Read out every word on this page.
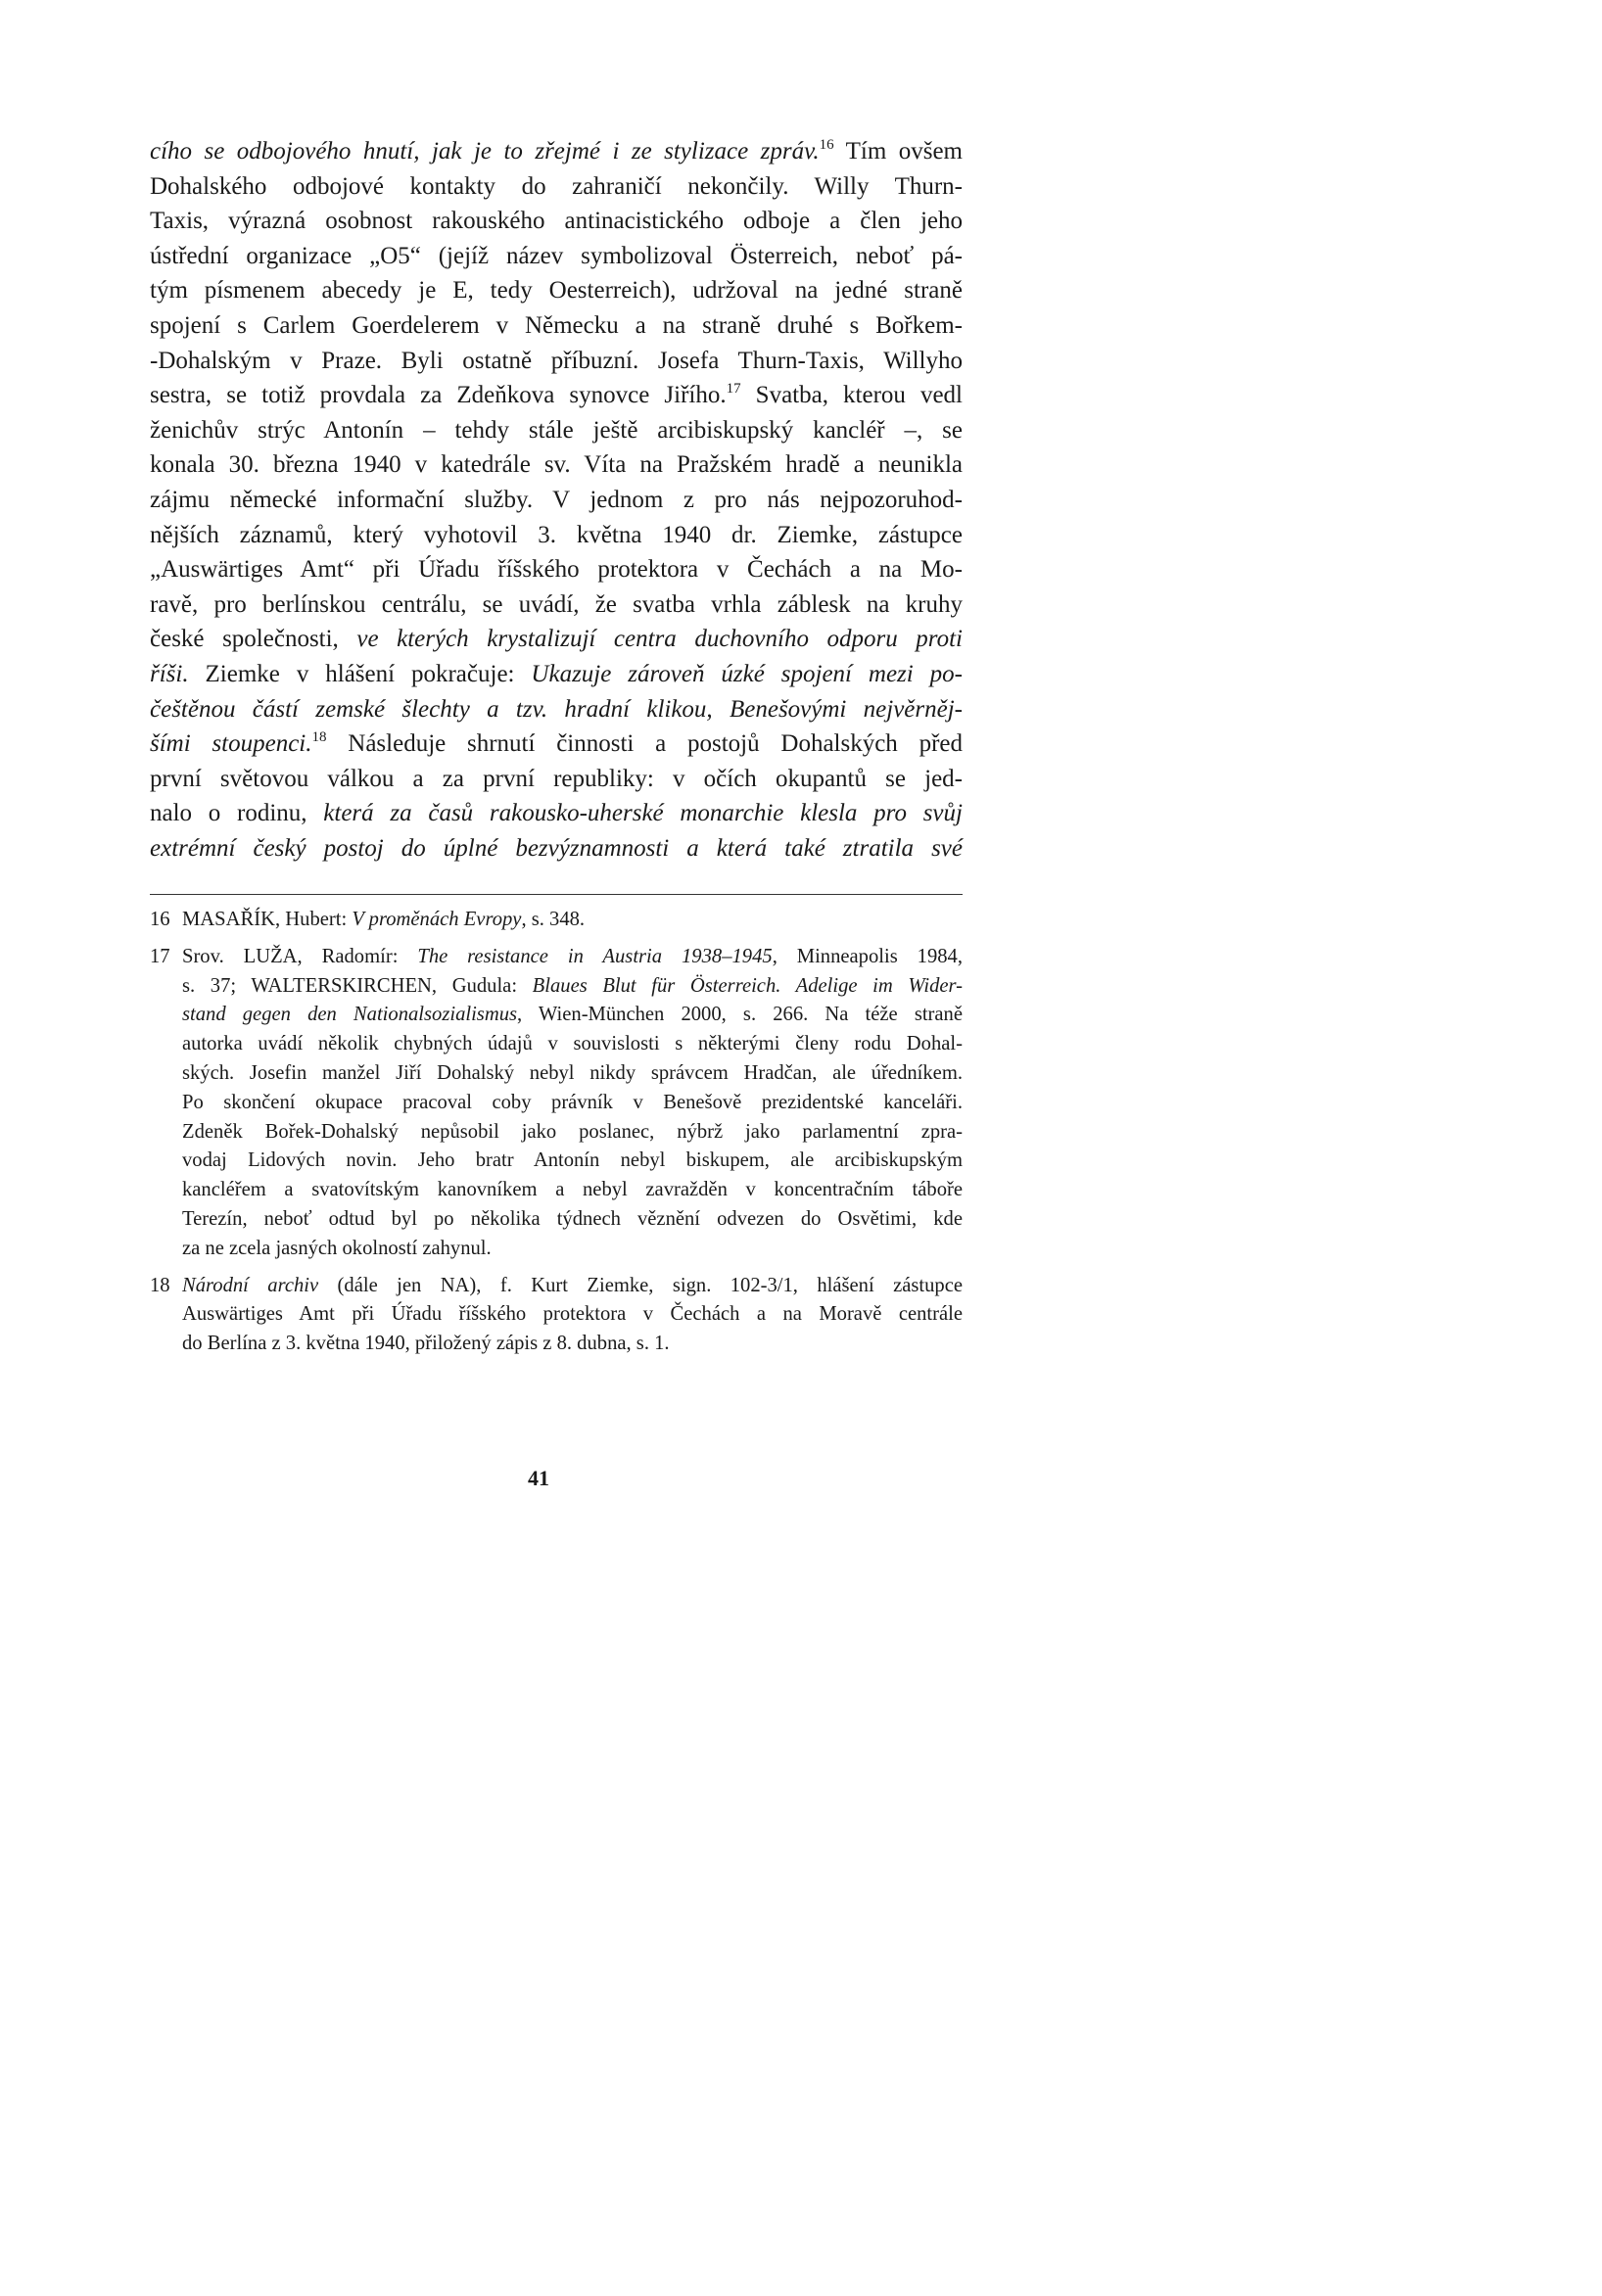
cího se odbojového hnutí, jak je to zřejmé i ze stylizace zpráv.$^{16}$ Tím ovšem
Dohalského odbojové kontakty do zahraničí nekončily. Willy Thurn-
Taxis, výrazná osobnost rakouského antinacistického odboje a člen jeho
ústřední organizace „O5“ (jejíž název symbolizoval Österreich, neboť pá-
tým písmenem abecedy je E, tedy Oesterreich), udržoval na jedné straně
spojení s Carlem Goerdelerem v Německu a na straně druhé s Bořkem-
-Dohalským v Praze. Byli ostatně příbuzní. Josefa Thurn-Taxis, Willyho
sestra, se totiž provdala za Zdeňkova synovce Jiřího.$^{17}$ Svatba, kterou vedl
ženichův strýc Antonín – tehdy stále ještě arcibiskupský kancléř –, se
konala 30. března 1940 v katedrále sv. Víta na Pražském hradě a neunikla
zájmu německé informační služby. V jednom z pro nás nejpozoruhod-
nějších záznamů, který vyhotovil 3. května 1940 dr. Ziemke, zástupce
„Auswärtiges Amt“ při Úřadu říšského protektora v Čechách a na Mo-
ravě, pro berlínskou centrálu, se uvádí, že svatba vrhla záblesk na kruhy
české společnosti, ve kterých krystalizují centra duchovního odporu proti
říši. Ziemke v hlášení pokračuje: Ukazuje zároveň úzké spojení mezi po-
češtěnou částí zemské šlechty a tzv. hradní klikou, Benešovými nejvěrněj-
šími stoupenci.$^{18}$ Následuje shrnutí činnosti a postojů Dohalských před
první světovou válkou a za první republiky: v očích okupantů se jed-
nalo o rodinu, která za časů rakousko-uherské monarchie klesla pro svůj
extrémní český postoj do úplné bezvýznamnosti a která také ztratila své
16 MASAŘÍK, Hubert: V proměnách Evropy, s. 348.
17 Srov. LUŽA, Radomír: The resistance in Austria 1938–1945, Minneapolis 1984,
s. 37; WALTERSKIRCHEN, Gudula: Blaues Blut für Österreich. Adelige im Wider-
stand gegen den Nationalsozialismus, Wien-München 2000, s. 266. Na téže straně
autorka uvádí několik chybných údajů v souvislosti s některými členy rodu Dohal-
ských. Josefin manžel Jiří Dohalský nebyl nikdy správcem Hradčan, ale úředníkem.
Po skončení okupace pracoval coby právník v Benešově prezidentské kanceláři.
Zdeněk Bořek-Dohalský nepůsobil jako poslanec, nýbrž jako parlamentní zpra-
vodaj Lidových novin. Jeho bratr Antonín nebyl biskupem, ale arcibiskupským
kancléřem a svatovítským kanovníkem a nebyl zavražděn v koncentračním táboře
Terezín, neboť odtud byl po několika týdnech věznění odvezen do Osvětimi, kde
za ne zcela jasných okolností zahynul.
18 Národní archiv (dále jen NA), f. Kurt Ziemke, sign. 102-3/1, hlášení zástupce
Auswärtiges Amt při Úřadu říšského protektora v Čechách a na Moravě centrále
do Berlína z 3. května 1940, přiložený zápis z 8. dubna, s. 1.
41
